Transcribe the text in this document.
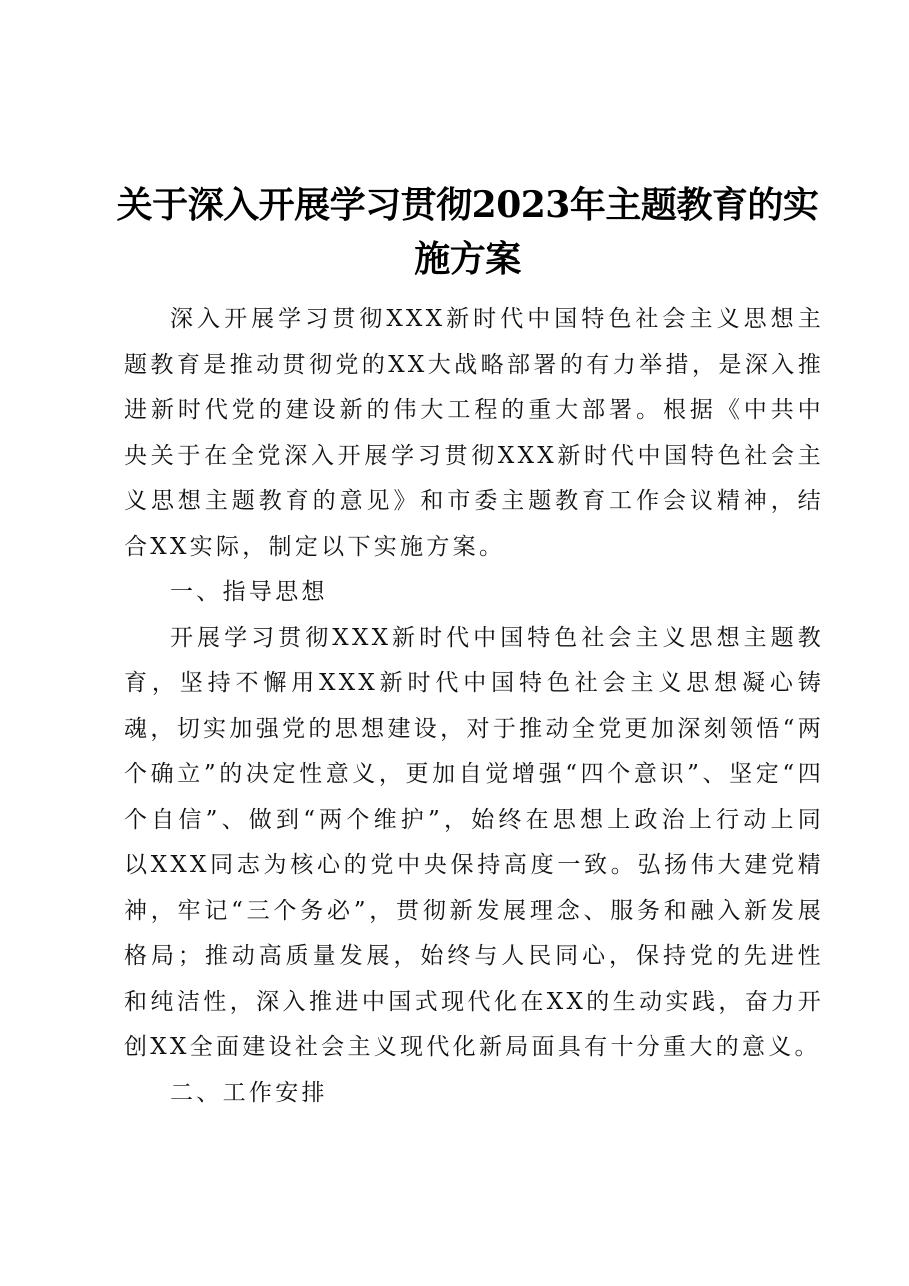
关于深入开展学习贯彻2023年主题教育的实施方案

深入开展学习贯彻XXX新时代中国特色社会主义思想主题教育是推动贯彻党的XX大战略部署的有力举措，是深入推进新时代党的建设新的伟大工程的重大部署。根据《中共中央关于在全党深入开展学习贯彻XXX新时代中国特色社会主义思想主题教育的意见》和市委主题教育工作会议精神，结合XX实际，制定以下实施方案。

一、指导思想

开展学习贯彻XXX新时代中国特色社会主义思想主题教育，坚持不懈用XXX新时代中国特色社会主义思想凝心铸魂，切实加强党的思想建设，对于推动全党更加深刻领悟“两个确立”的决定性意义，更加自觉增强“四个意识”、坚定“四个自信”、做到“两个维护”，始终在思想上政治上行动上同以XXX同志为核心的党中央保持高度一致。弘扬伟大建党精神，牢记“三个务必”，贯彻新发展理念、服务和融入新发展格局；推动高质量发展，始终与人民同心，保持党的先进性和纯洁性，深入推进中国式现代化在XX的生动实践，奋力开创XX全面建设社会主义现代化新局面具有十分重大的意义。

二、工作安排
